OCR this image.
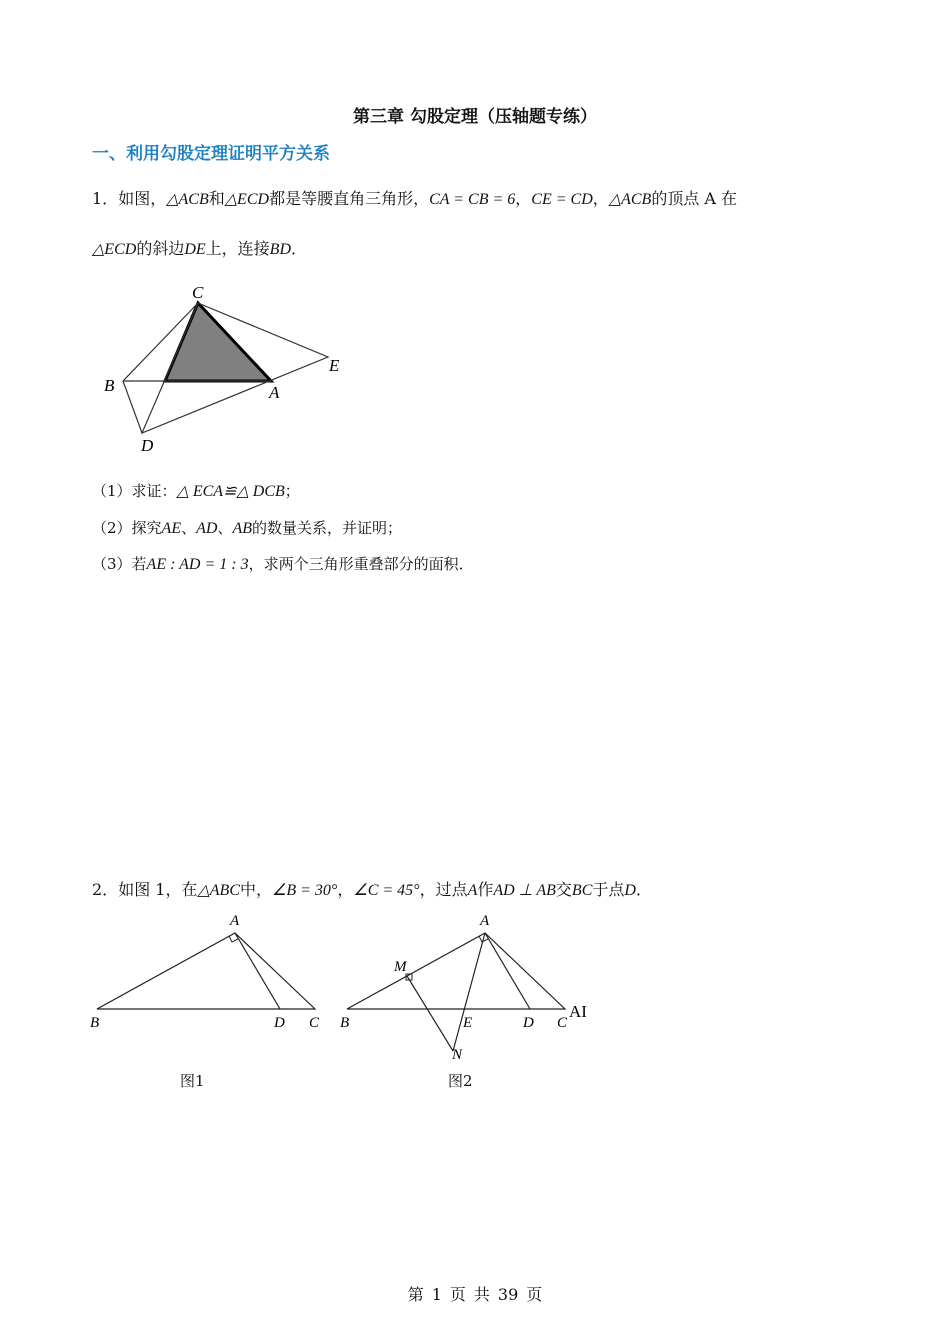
第三章 勾股定理（压轴题专练）
一、利用勾股定理证明平方关系
1．如图，△ACB和△ECD都是等腰直角三角形，CA = CB = 6，CE = CD，△ACB的顶点 A 在
△ECD的斜边DE上，连接BD．
C
E
B	A
D
（1）求证：△ ECA≌△ DCB；
（2）探究AE、AD、AB的数量关系，并证明；
（3）若AE : AD = 1 : 3，求两个三角形重叠部分的面积．
2．如图 1，在△ABC中，∠B = 30°，∠C = 45°，过点A作AD ⊥ AB交BC于点D．
A
B	D C
图1
A
M
B	E	D C
N
AI
图2
第 1 页 共 39 页
